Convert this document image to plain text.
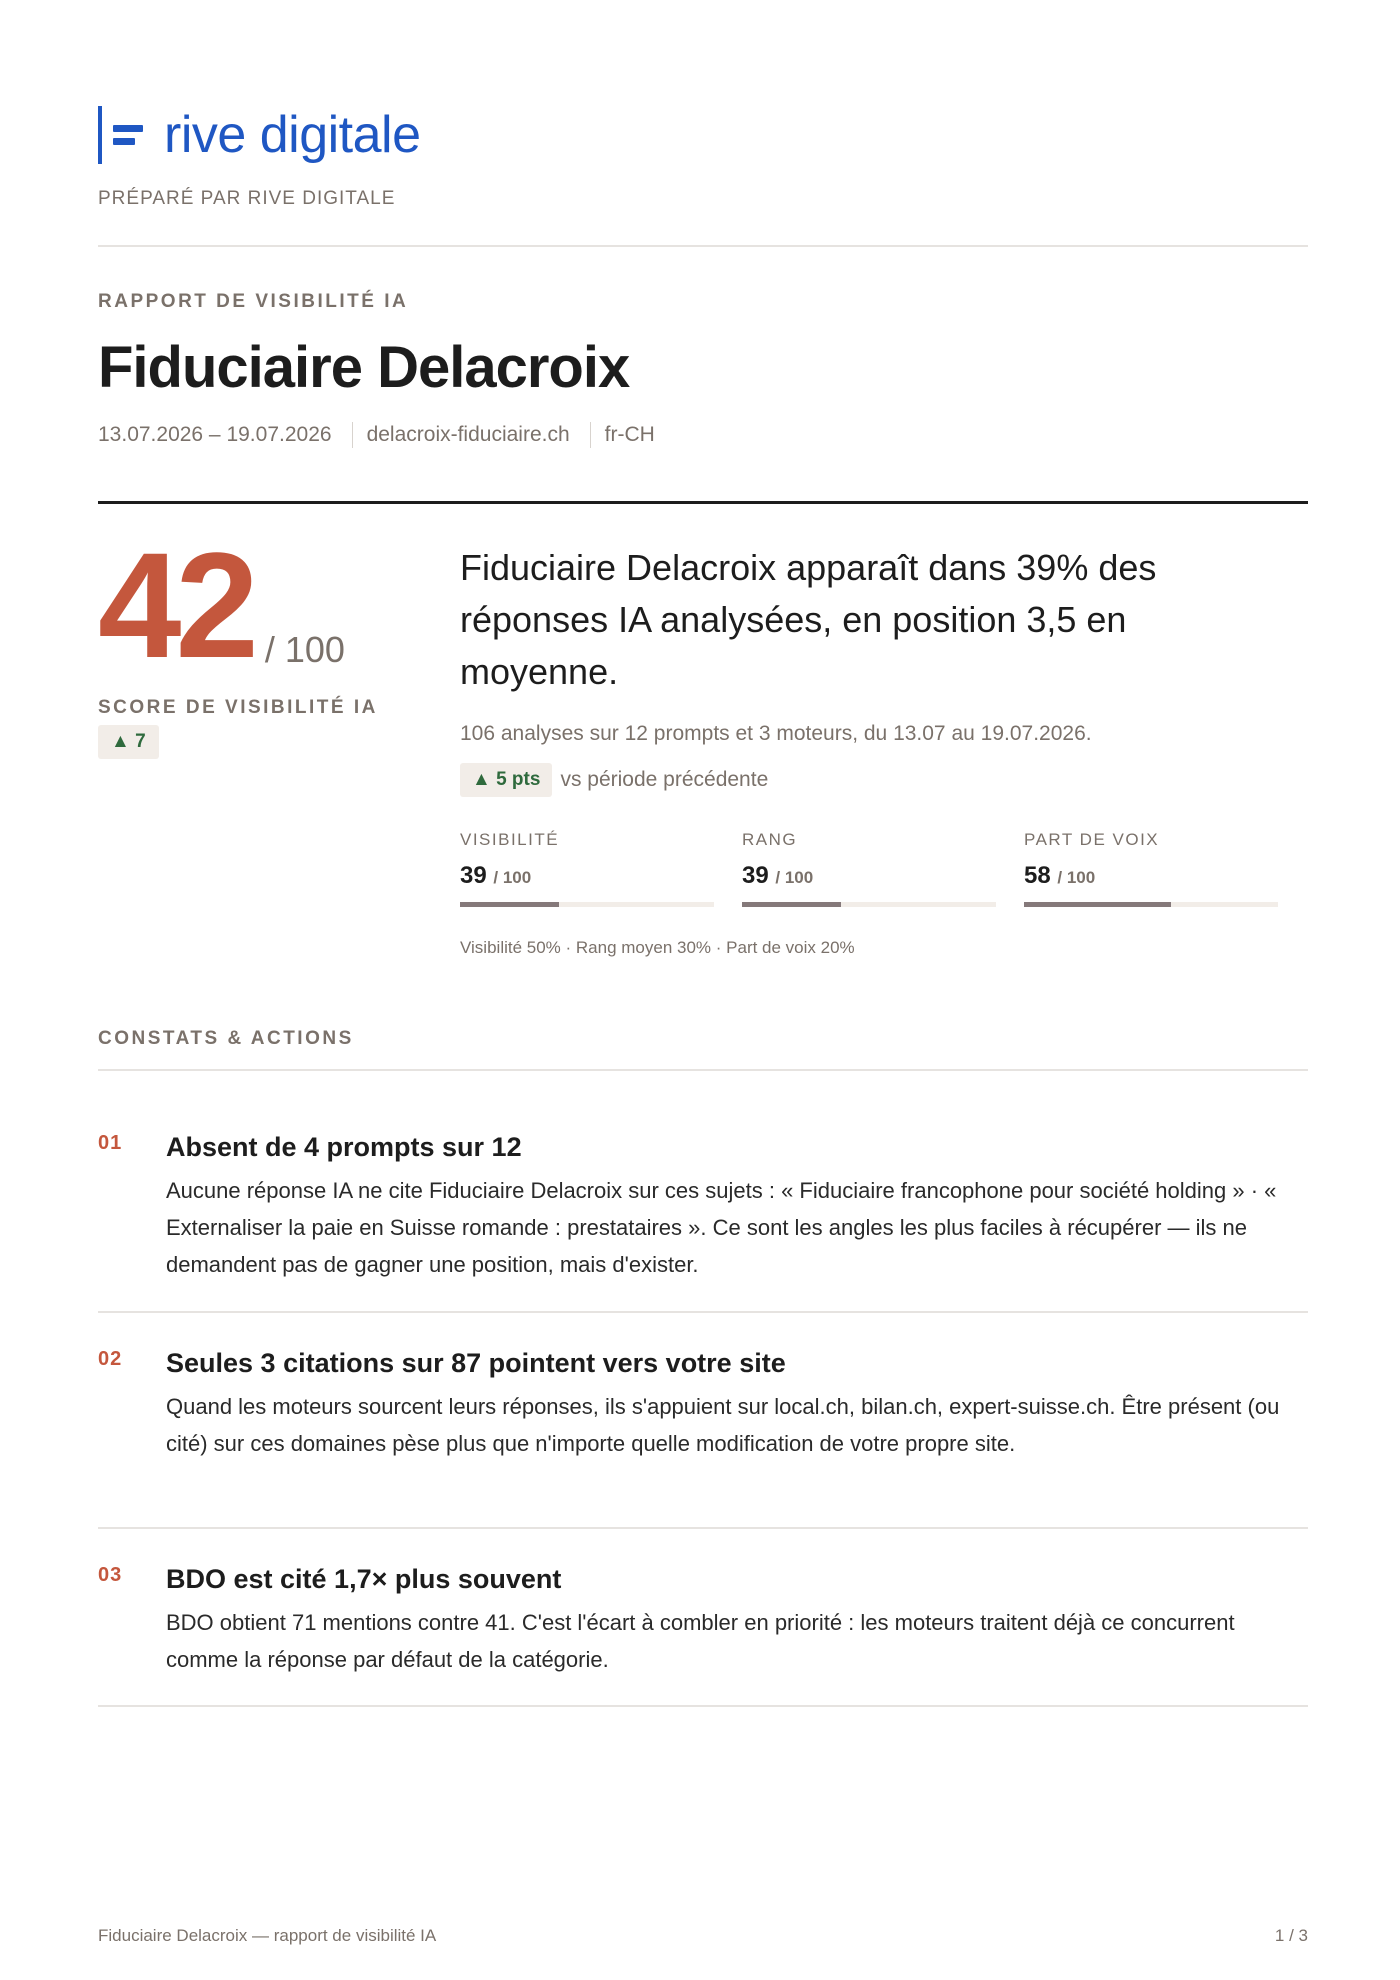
rive digitale
PRÉPARÉ PAR RIVE DIGITALE
RAPPORT DE VISIBILITÉ IA
Fiduciaire Delacroix
13.07.2026 – 19.07.2026 delacroix-fiduciaire.ch fr-CH
42 / 100
SCORE DE VISIBILITÉ IA
▲ 7

Fiduciaire Delacroix apparaît dans 39% des réponses IA analysées, en position 3,5 en moyenne.

106 analyses sur 12 prompts et 3 moteurs, du 13.07 au 19.07.2026.
▲ 5 pts vs période précédente
VISIBILITÉ
39 / 100
RANG
39 / 100
PART DE VOIX
58 / 100
Visibilité 50% · Rang moyen 30% · Part de voix 20%
CONSTATS & ACTIONS
01 Absent de 4 prompts sur 12
Aucune réponse IA ne cite Fiduciaire Delacroix sur ces sujets : « Fiduciaire francophone pour société holding » · « Externaliser la paie en Suisse romande : prestataires ». Ce sont les angles les plus faciles à récupérer — ils ne demandent pas de gagner une position, mais d'exister.
02 Seules 3 citations sur 87 pointent vers votre site
Quand les moteurs sourcent leurs réponses, ils s'appuient sur local.ch, bilan.ch, expert-suisse.ch. Être présent (ou cité) sur ces domaines pèse plus que n'importe quelle modification de votre propre site.
03 BDO est cité 1,7× plus souvent
BDO obtient 71 mentions contre 41. C'est l'écart à combler en priorité : les moteurs traitent déjà ce concurrent comme la réponse par défaut de la catégorie.
Fiduciaire Delacroix — rapport de visibilité IA	1 / 3
